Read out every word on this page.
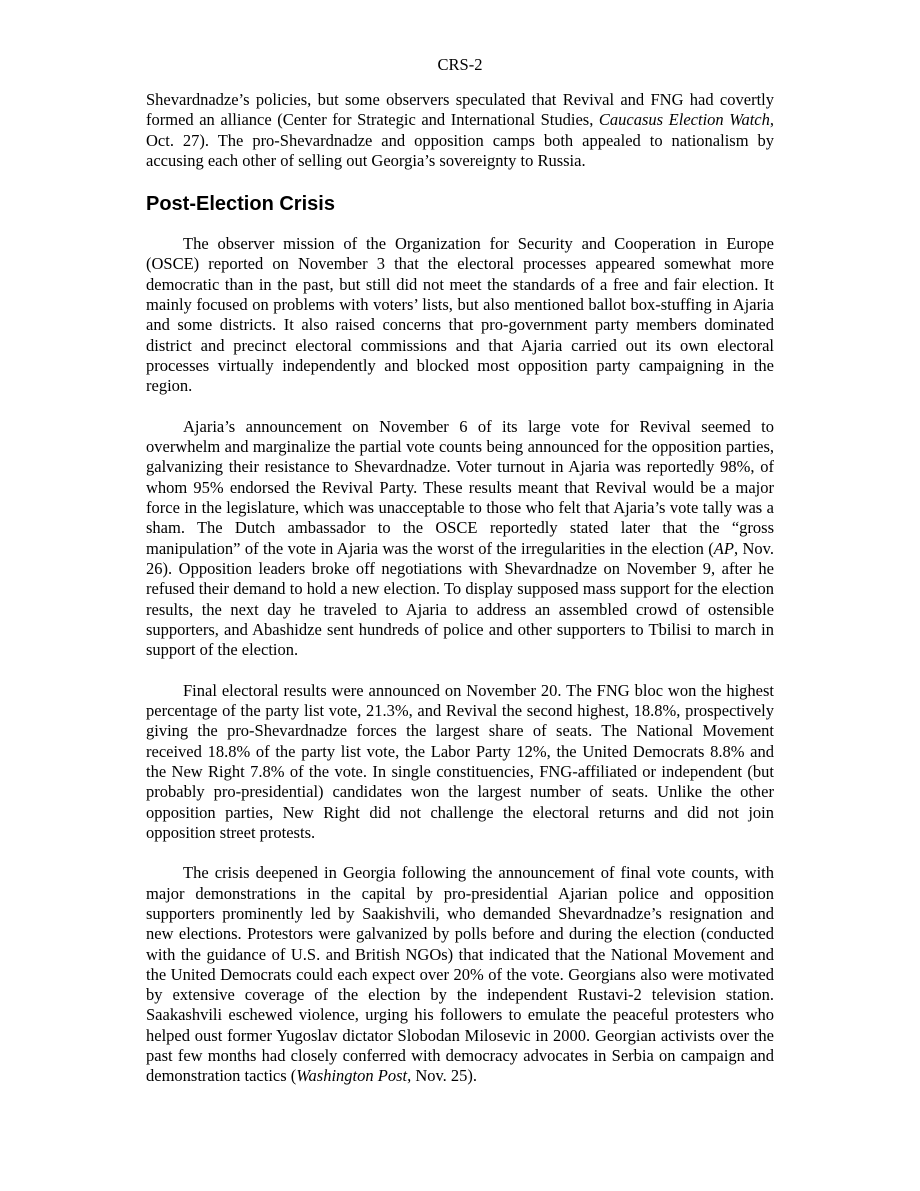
CRS-2

Shevardnadze’s policies, but some observers speculated that Revival and FNG had covertly formed an alliance (Center for Strategic and International Studies, Caucasus Election Watch, Oct. 27). The pro-Shevardnadze and opposition camps both appealed to nationalism by accusing each other of selling out Georgia’s sovereignty to Russia.

Post-Election Crisis

The observer mission of the Organization for Security and Cooperation in Europe (OSCE) reported on November 3 that the electoral processes appeared somewhat more democratic than in the past, but still did not meet the standards of a free and fair election. It mainly focused on problems with voters’ lists, but also mentioned ballot box-stuffing in Ajaria and some districts. It also raised concerns that pro-government party members dominated district and precinct electoral commissions and that Ajaria carried out its own electoral processes virtually independently and blocked most opposition party campaigning in the region.

Ajaria’s announcement on November 6 of its large vote for Revival seemed to overwhelm and marginalize the partial vote counts being announced for the opposition parties, galvanizing their resistance to Shevardnadze. Voter turnout in Ajaria was reportedly 98%, of whom 95% endorsed the Revival Party. These results meant that Revival would be a major force in the legislature, which was unacceptable to those who felt that Ajaria’s vote tally was a sham. The Dutch ambassador to the OSCE reportedly stated later that the “gross manipulation” of the vote in Ajaria was the worst of the irregularities in the election (AP, Nov. 26). Opposition leaders broke off negotiations with Shevardnadze on November 9, after he refused their demand to hold a new election. To display supposed mass support for the election results, the next day he traveled to Ajaria to address an assembled crowd of ostensible supporters, and Abashidze sent hundreds of police and other supporters to Tbilisi to march in support of the election.

Final electoral results were announced on November 20. The FNG bloc won the highest percentage of the party list vote, 21.3%, and Revival the second highest, 18.8%, prospectively giving the pro-Shevardnadze forces the largest share of seats. The National Movement received 18.8% of the party list vote, the Labor Party 12%, the United Democrats 8.8% and the New Right 7.8% of the vote. In single constituencies, FNG-affiliated or independent (but probably pro-presidential) candidates won the largest number of seats. Unlike the other opposition parties, New Right did not challenge the electoral returns and did not join opposition street protests.

The crisis deepened in Georgia following the announcement of final vote counts, with major demonstrations in the capital by pro-presidential Ajarian police and opposition supporters prominently led by Saakishvili, who demanded Shevardnadze’s resignation and new elections. Protestors were galvanized by polls before and during the election (conducted with the guidance of U.S. and British NGOs) that indicated that the National Movement and the United Democrats could each expect over 20% of the vote. Georgians also were motivated by extensive coverage of the election by the independent Rustavi-2 television station. Saakashvili eschewed violence, urging his followers to emulate the peaceful protesters who helped oust former Yugoslav dictator Slobodan Milosevic in 2000. Georgian activists over the past few months had closely conferred with democracy advocates in Serbia on campaign and demonstration tactics (Washington Post, Nov. 25).
